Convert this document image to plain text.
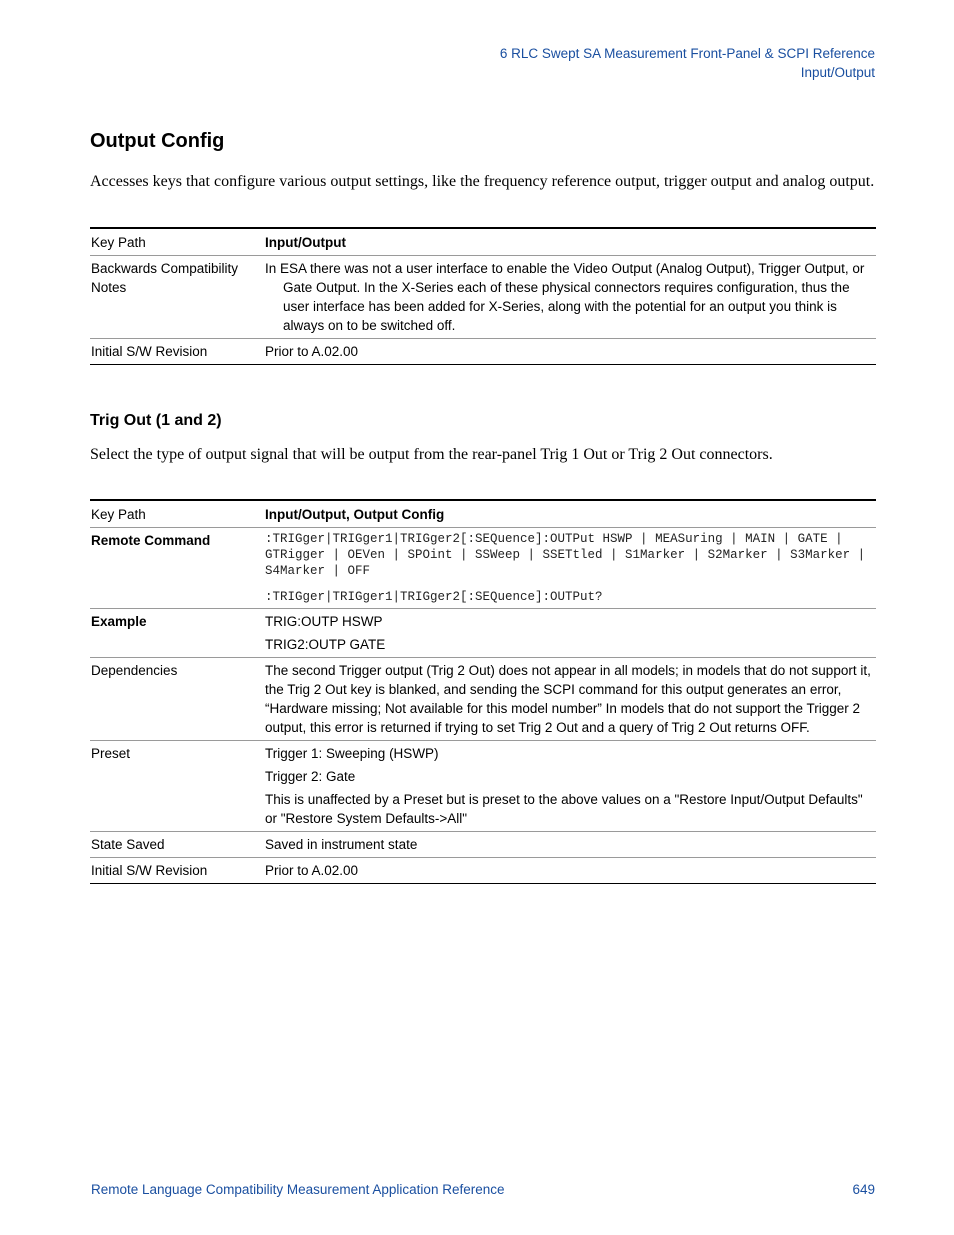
6 RLC Swept SA Measurement Front-Panel & SCPI Reference
Input/Output
Output Config

Accesses keys that configure various output settings, like the frequency reference output, trigger output and analog output.

Key Path	Input/Output
Backwards Compatibility Notes	In ESA there was not a user interface to enable the Video Output (Analog Output), Trigger Output, or Gate Output. In the X-Series each of these physical connectors requires configuration, thus the user interface has been added for X-Series, along with the potential for an output you think is always on to be switched off.

Initial S/W Revision	Prior to A.02.00
Trig Out (1 and 2)

Select the type of output signal that will be output from the rear-panel Trig 1 Out or Trig 2 Out connectors.

Key Path	Input/Output, Output Config
Remote Command	:TRIGger|TRIGger1|TRIGger2[:SEQuence]:OUTPut HSWP | MEASuring | MAIN | GATE | GTRigger | OEVen | SPOint | SSWeep | SSETtled | S1Marker | S2Marker | S3Marker | S4Marker | OFF
:TRIGger|TRIGger1|TRIGger2[:SEQuence]:OUTPut?

Example	TRIG:OUTP HSWP
TRIG2:OUTP GATE

Dependencies	The second Trigger output (Trig 2 Out) does not appear in all models; in models that do not support it, the Trig 2 Out key is blanked, and sending the SCPI command for this output generates an error, “Hardware missing; Not available for this model number” In models that do not support the Trigger 2 output, this error is returned if trying to set Trig 2 Out and a query of Trig 2 Out returns OFF.
Preset	Trigger 1: Sweeping (HSWP)
Trigger 2: Gate
This is unaffected by a Preset but is preset to the above values on a "Restore Input/Output Defaults" or "Restore System Defaults->All"

State Saved	Saved in instrument state
Initial S/W Revision	Prior to A.02.00
Remote Language Compatibility Measurement Application Reference	649
